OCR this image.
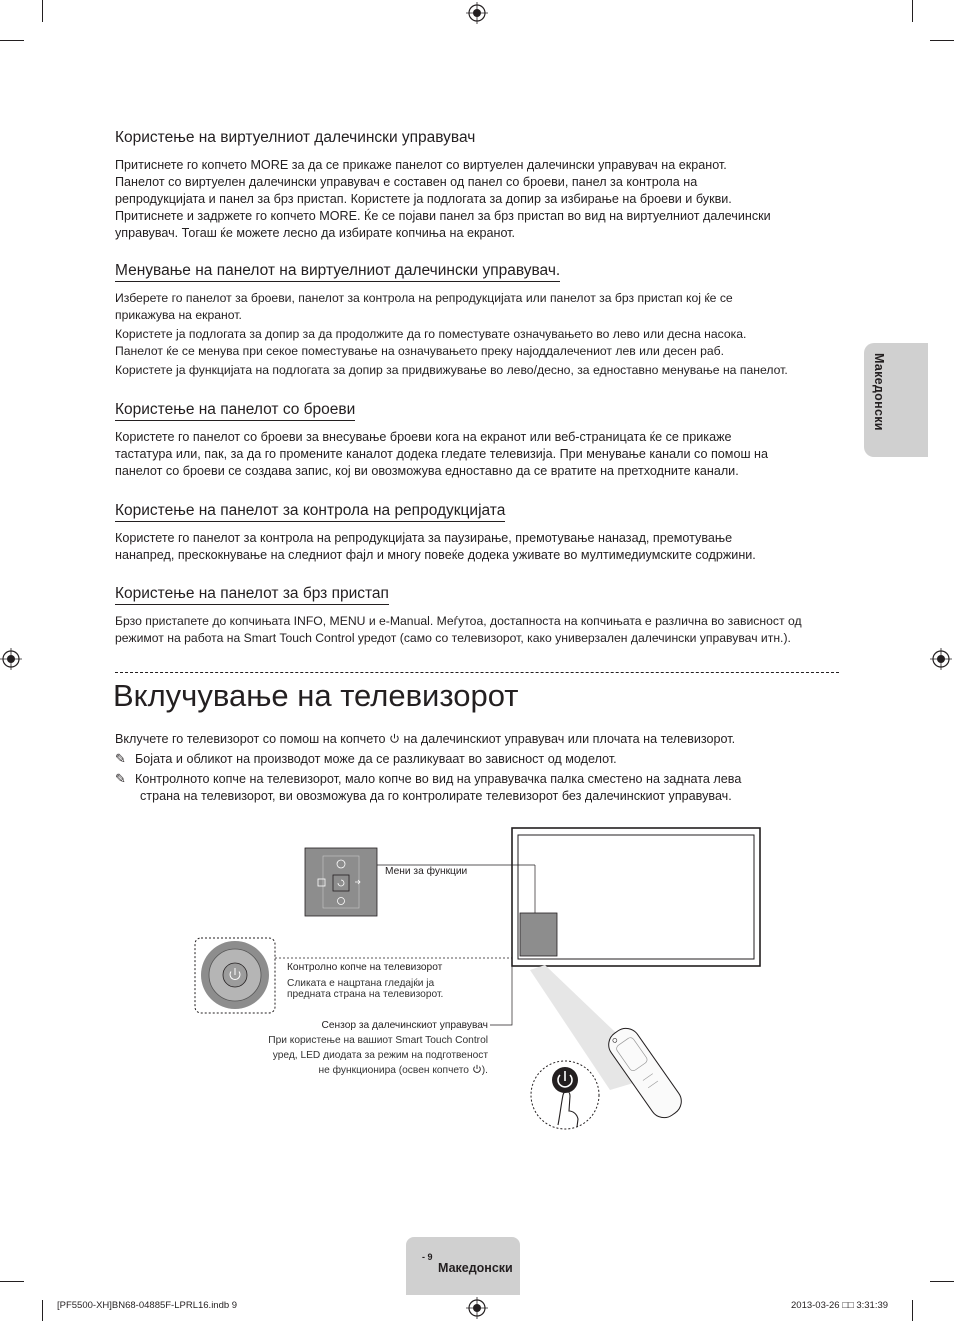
Користење на виртуелниот далечински управувач
Притиснете го копчето MORE за да се прикаже панелот со виртуелен далечински управувач на екранот.
Панелот со виртуелен далечински управувач е составен од панел со броеви, панел за контрола на
репродукцијата и панел за брз пристап. Користете ја подлогата за допир за избирање на броеви и букви.
Притиснете и задржете го копчето MORE. Ќе се појави панел за брз пристап во вид на виртуелниот далечински
управувач. Тогаш ќе можете лесно да избирате копчиња на екранот.
Менување на панелот на виртуелниот далечински управувач.
Изберете го панелот за броеви, панелот за контрола на репродукцијата или панелот за брз пристап кој ќе се
прикажува на екранот.
Користете ја подлогата за допир за да продолжите да го поместувате означувањето во лево или десна насока.
Панелот ќе се менува при секое поместување на означувањето преку најоддалечениот лев или десен раб.
Користете ја функцијата на подлогата за допир за придвижување во лево/десно, за едноставно менување на панелот.
Користење на панелот со броеви
Користете го панелот со броеви за внесување броеви кога на екранот или веб-страницата ќе се прикаже
тастатура или, пак, за да го промените каналот додека гледате телевизија. При менување канали со помош на
панелот со броеви се создава запис, кој ви овозможува едноставно да се вратите на претходните канали.
Користење на панелот за контрола на репродукцијата
Користете го панелот за контрола на репродукцијата за паузирање, премотување наназад, премотување
нанапред, прескокнување на следниот фајл и многу повеќе додека уживате во мултимедиумските содржини.
Користење на панелот за брз пристап
Брзо пристапете до копчињата INFO, MENU и e-Manual. Меѓутоа, достапноста на копчињата е различна во зависност од
режимот на работа на Smart Touch Control уредот (само со телевизорот, како универзален далечински управувач итн.).
Вклучување на телевизорот
Вклучете го телевизорот со помош на копчето  на далечинскиот управувач или плочата на телевизорот.
✎ Бојата и обликот на производот може да се разликуваат во зависност од моделот.
✎ Контролното копче на телевизорот, мало копче во вид на управувачка палка сместено на задната лева
страна на телевизорот, ви овозможува да го контролирате телевизорот без далечинскиот управувач.
Мени за функции
Контролно копче на телевизорот
Сликата е нацртана гледајќи ја
предната страна на телевизорот.
Сензор за далечинскиот управувач
При користење на вашиот Smart Touch Control
уред, LED диодата за режим на подготвеност
не функционира (освен копчето ).
Македонски
Македонски
- 9
[PF5500-XH]BN68-04885F-LPRL16.indb 9	2013-03-26 □□ 3:31:39
